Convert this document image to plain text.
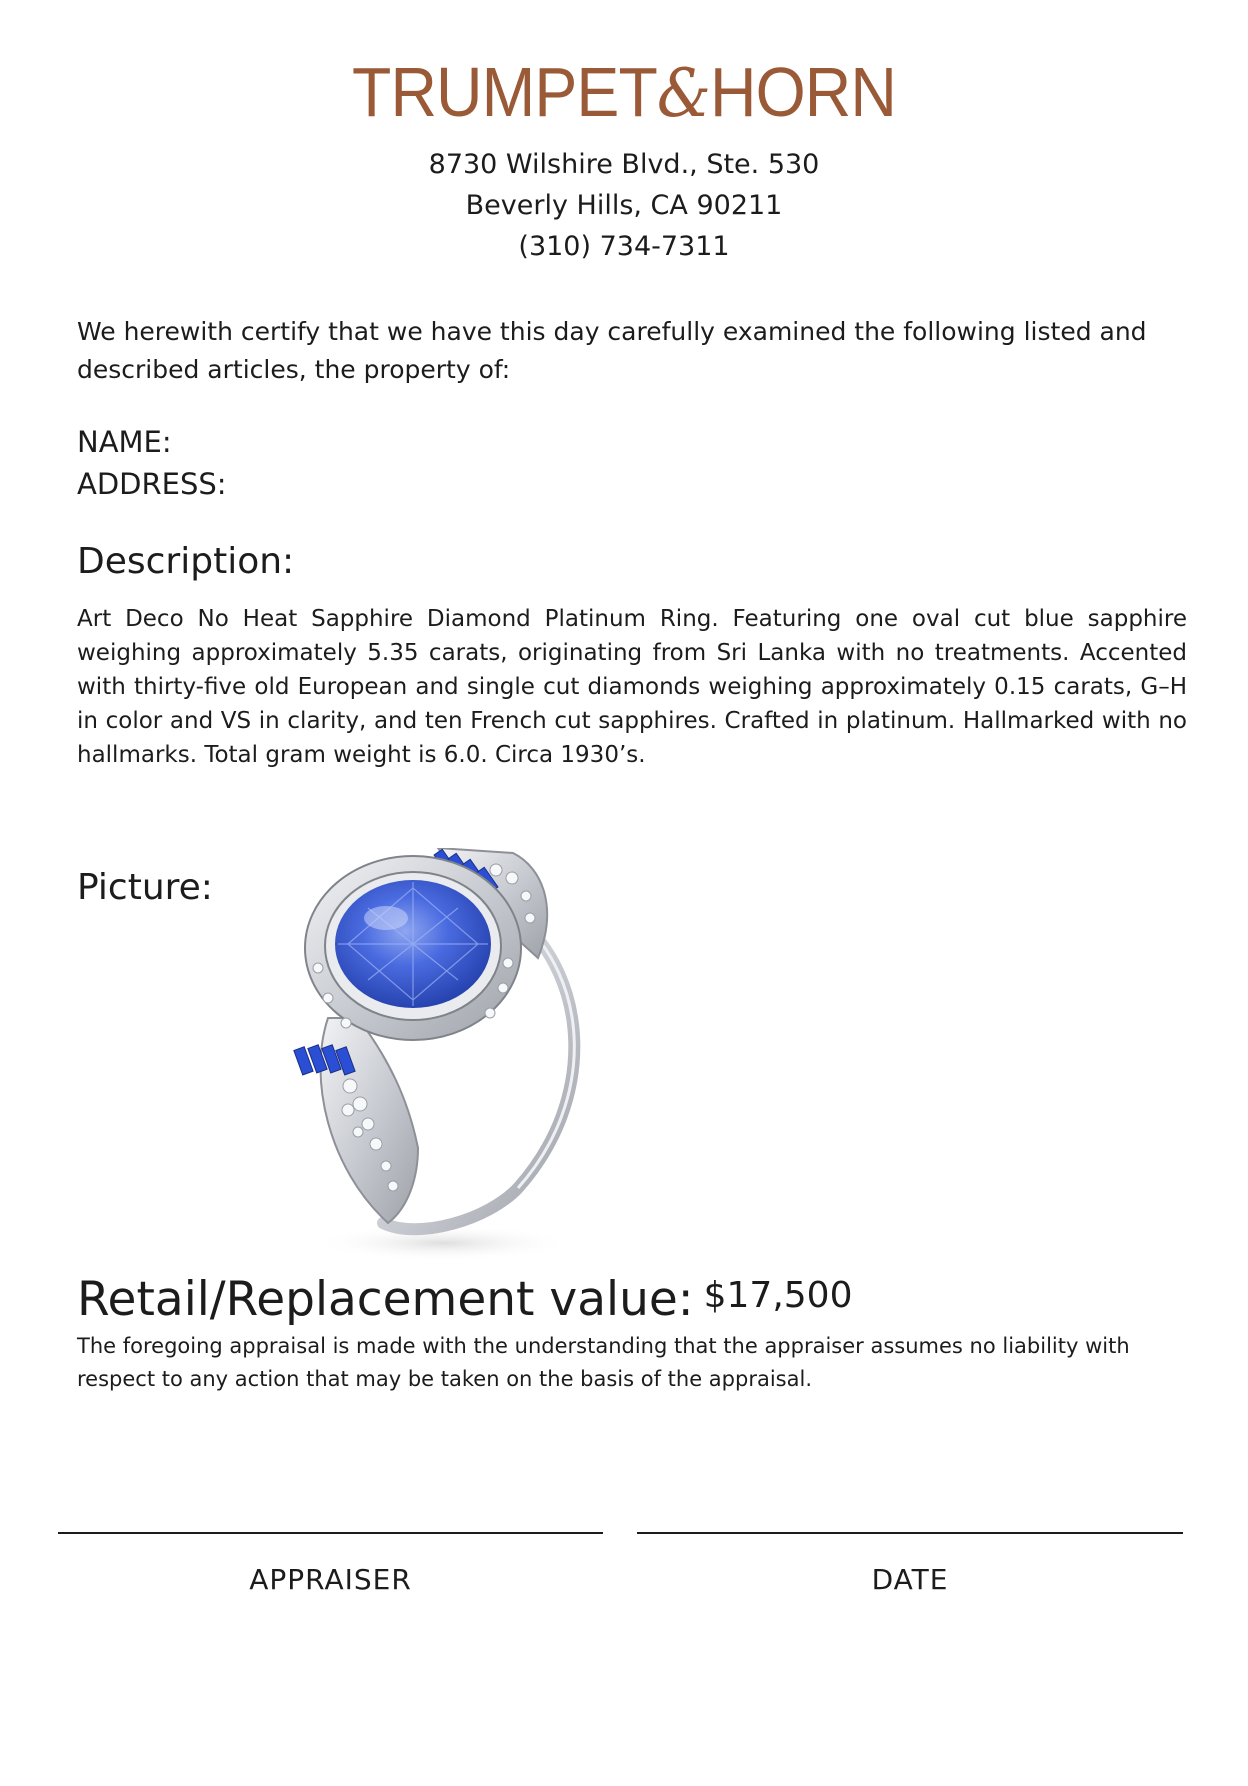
TRUMPET&HORN
8730 Wilshire Blvd., Ste. 530
Beverly Hills, CA 90211
(310) 734-7311
We herewith certify that we have this day carefully examined the following listed and described articles, the property of:
NAME:
ADDRESS:
Description:
Art Deco No Heat Sapphire Diamond Platinum Ring. Featuring one oval cut blue sapphire weighing approximately 5.35 carats, originating from Sri Lanka with no treatments. Accented with thirty-five old European and single cut diamonds weighing approximately 0.15 carats, G–H in color and VS in clarity, and ten French cut sapphires. Crafted in platinum. Hallmarked with no hallmarks. Total gram weight is 6.0. Circa 1930’s.
Picture:
Retail/Replacement value: $17,500
The foregoing appraisal is made with the understanding that the appraiser assumes no liability with respect to any action that may be taken on the basis of the appraisal.
APPRAISER	DATE
